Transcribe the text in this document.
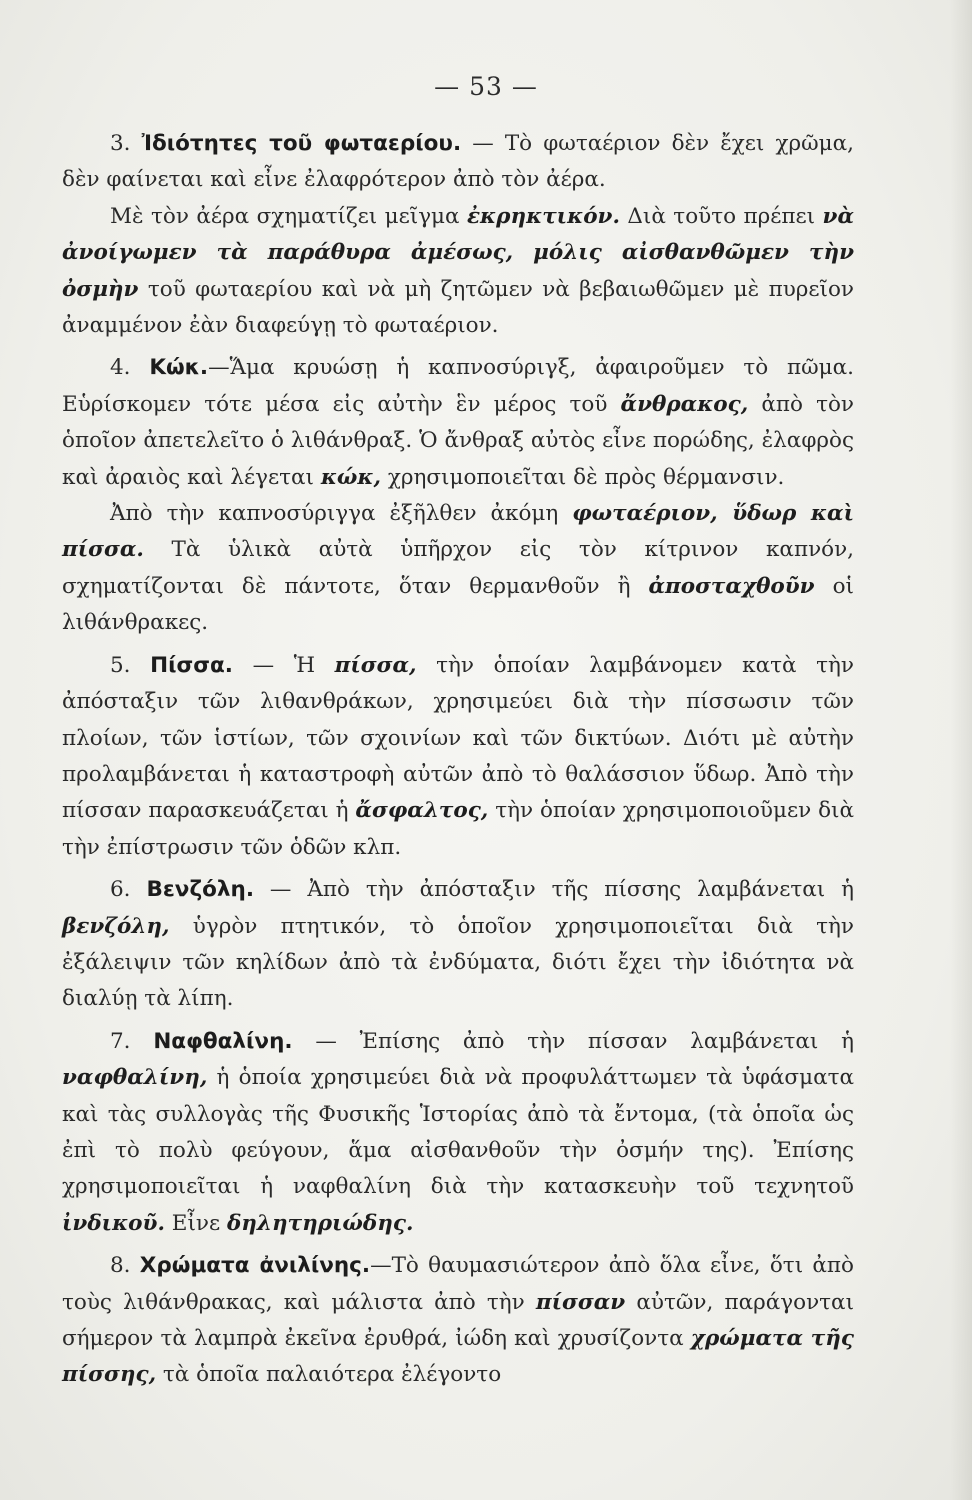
— 53 —

3. Ἰδιότητες τοῦ φωταερίου. — Τὸ φωταέριον δὲν ἔχει χρῶμα, δὲν φαίνεται καὶ εἶνε ἐλαφρότερον ἀπὸ τὸν ἀέρα.

Μὲ τὸν ἀέρα σχηματίζει μεῖγμα ἐκρηκτικόν. Διὰ τοῦτο πρέπει νὰ ἀνοίγωμεν τὰ παράθυρα ἀμέσως, μόλις αἰσθανθῶμεν τὴν ὀσμὴν τοῦ φωταερίου καὶ νὰ μὴ ζητῶμεν νὰ βεβαιωθῶμεν μὲ πυρεῖον ἀναμμένον ἐὰν διαφεύγῃ τὸ φωταέριον.

4. Κώκ.—Ἅμα κρυώσῃ ἡ καπνοσύριγξ, ἀφαιροῦμεν τὸ πῶμα. Εὑρίσκομεν τότε μέσα εἰς αὐτὴν ἓν μέρος τοῦ ἄνθρακος, ἀπὸ τὸν ὁποῖον ἀπετελεῖτο ὁ λιθάνθραξ. Ὁ ἄνθραξ αὐτὸς εἶνε πορώδης, ἐλαφρὸς καὶ ἀραιὸς καὶ λέγεται κώκ, χρησιμοποιεῖται δὲ πρὸς θέρμανσιν.

Ἀπὸ τὴν καπνοσύριγγα ἐξῆλθεν ἀκόμη φωταέριον, ὕδωρ καὶ πίσσα. Τὰ ὑλικὰ αὐτὰ ὑπῆρχον εἰς τὸν κίτρινον καπνόν, σχηματίζονται δὲ πάντοτε, ὅταν θερμανθοῦν ἢ ἀποσταχθοῦν οἱ λιθάνθρακες.

5. Πίσσα. — Ἡ πίσσα, τὴν ὁποίαν λαμβάνομεν κατὰ τὴν ἀπόσταξιν τῶν λιθανθράκων, χρησιμεύει διὰ τὴν πίσσωσιν τῶν πλοίων, τῶν ἱστίων, τῶν σχοινίων καὶ τῶν δικτύων. Διότι μὲ αὐτὴν προλαμβάνεται ἡ καταστροφὴ αὐτῶν ἀπὸ τὸ θαλάσσιον ὕδωρ. Ἀπὸ τὴν πίσσαν παρασκευάζεται ἡ ἄσφαλτος, τὴν ὁποίαν χρησιμοποιοῦμεν διὰ τὴν ἐπίστρωσιν τῶν ὁδῶν κλπ.

6. Βενζόλη. — Ἀπὸ τὴν ἀπόσταξιν τῆς πίσσης λαμβάνεται ἡ βενζόλη, ὑγρὸν πτητικόν, τὸ ὁποῖον χρησιμοποιεῖται διὰ τὴν ἐξάλειψιν τῶν κηλίδων ἀπὸ τὰ ἐνδύματα, διότι ἔχει τὴν ἰδιότητα νὰ διαλύῃ τὰ λίπη.

7. Ναφθαλίνη. — Ἐπίσης ἀπὸ τὴν πίσσαν λαμβάνεται ἡ ναφθαλίνη, ἡ ὁποία χρησιμεύει διὰ νὰ προφυλάττωμεν τὰ ὑφάσματα καὶ τὰς συλλογὰς τῆς Φυσικῆς Ἱστορίας ἀπὸ τὰ ἔντομα, (τὰ ὁποῖα ὡς ἐπὶ τὸ πολὺ φεύγουν, ἅμα αἰσθανθοῦν τὴν ὀσμήν της). Ἐπίσης χρησιμοποιεῖται ἡ ναφθαλίνη διὰ τὴν κατασκευὴν τοῦ τεχνητοῦ ἰνδικοῦ. Εἶνε δηλητηριώδης.

8. Χρώματα ἀνιλίνης.—Τὸ θαυμασιώτερον ἀπὸ ὅλα εἶνε, ὅτι ἀπὸ τοὺς λιθάνθρακας, καὶ μάλιστα ἀπὸ τὴν πίσσαν αὐτῶν, παράγονται σήμερον τὰ λαμπρὰ ἐκεῖνα ἐρυθρά, ἰώδη καὶ χρυσίζοντα χρώματα τῆς πίσσης, τὰ ὁποῖα παλαιότερα ἐλέγοντο
